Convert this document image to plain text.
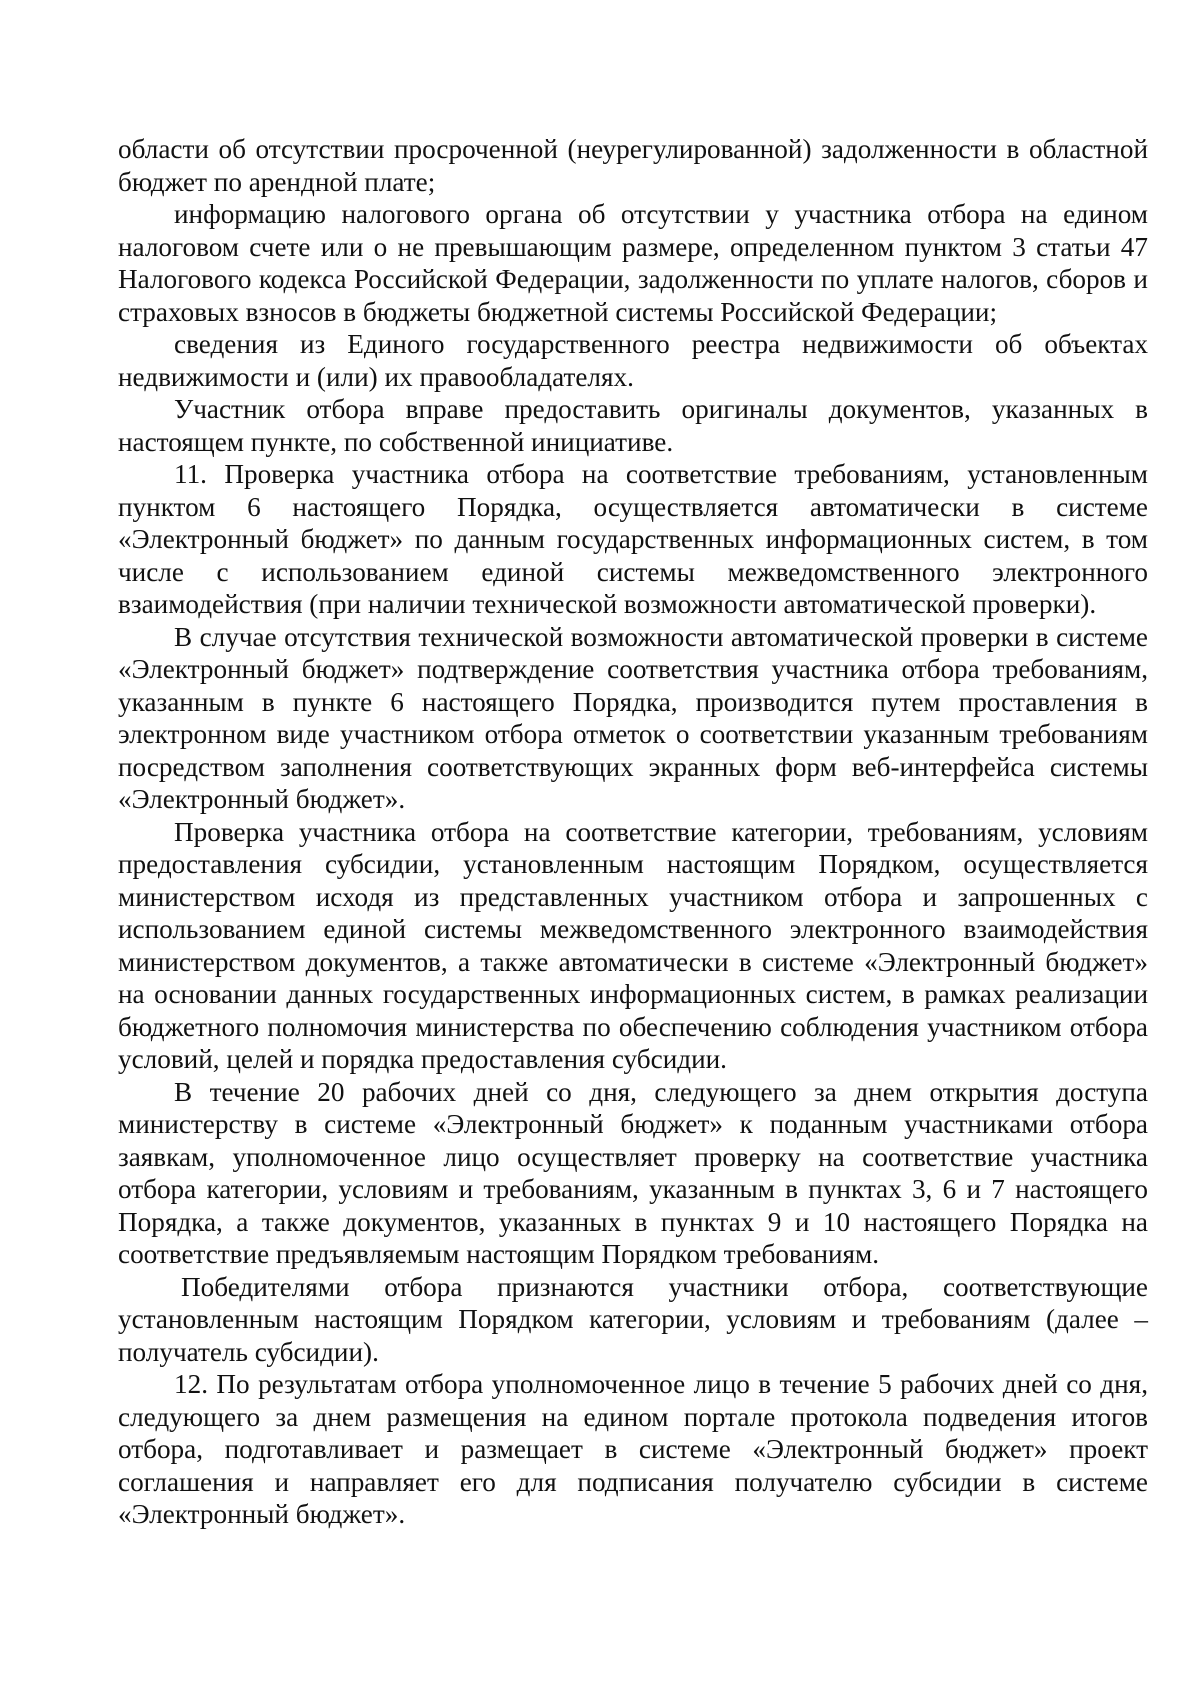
области об отсутствии просроченной (неурегулированной) задолженности в областной бюджет по арендной плате;

информацию налогового органа об отсутствии у участника отбора на едином налоговом счете или о не превышающим размере, определенном пунктом 3 статьи 47 Налогового кодекса Российской Федерации, задолженности по уплате налогов, сборов и страховых взносов в бюджеты бюджетной системы Российской Федерации;

сведения из Единого государственного реестра недвижимости об объектах недвижимости и (или) их правообладателях.

Участник отбора вправе предоставить оригиналы документов, указанных в настоящем пункте, по собственной инициативе.

11. Проверка участника отбора на соответствие требованиям, установленным пунктом 6 настоящего Порядка, осуществляется автоматически в системе «Электронный бюджет» по данным государственных информационных систем, в том числе с использованием единой системы межведомственного электронного взаимодействия (при наличии технической возможности автоматической проверки).

В случае отсутствия технической возможности автоматической проверки в системе «Электронный бюджет» подтверждение соответствия участника отбора требованиям, указанным в пункте 6 настоящего Порядка, производится путем проставления в электронном виде участником отбора отметок о соответствии указанным требованиям посредством заполнения соответствующих экранных форм веб-интерфейса системы «Электронный бюджет».

Проверка участника отбора на соответствие категории, требованиям, условиям предоставления субсидии, установленным настоящим Порядком, осуществляется министерством исходя из представленных участником отбора и запрошенных с использованием единой системы межведомственного электронного взаимодействия министерством документов, а также автоматически в системе «Электронный бюджет» на основании данных государственных информационных систем, в рамках реализации бюджетного полномочия министерства по обеспечению соблюдения участником отбора условий, целей и порядка предоставления субсидии.

В течение 20 рабочих дней со дня, следующего за днем открытия доступа министерству в системе «Электронный бюджет» к поданным участниками отбора заявкам, уполномоченное лицо осуществляет проверку на соответствие участника отбора категории, условиям и требованиям, указанным в пунктах 3, 6 и 7 настоящего Порядка, а также документов, указанных в пунктах 9 и 10 настоящего Порядка на соответствие предъявляемым настоящим Порядком требованиям.

Победителями отбора признаются участники отбора, соответствующие установленным настоящим Порядком категории, условиям и требованиям (далее – получатель субсидии).

12. По результатам отбора уполномоченное лицо в течение 5 рабочих дней со дня, следующего за днем размещения на едином портале протокола подведения итогов отбора, подготавливает и размещает в системе «Электронный бюджет» проект соглашения и направляет его для подписания получателю субсидии в системе «Электронный бюджет».
